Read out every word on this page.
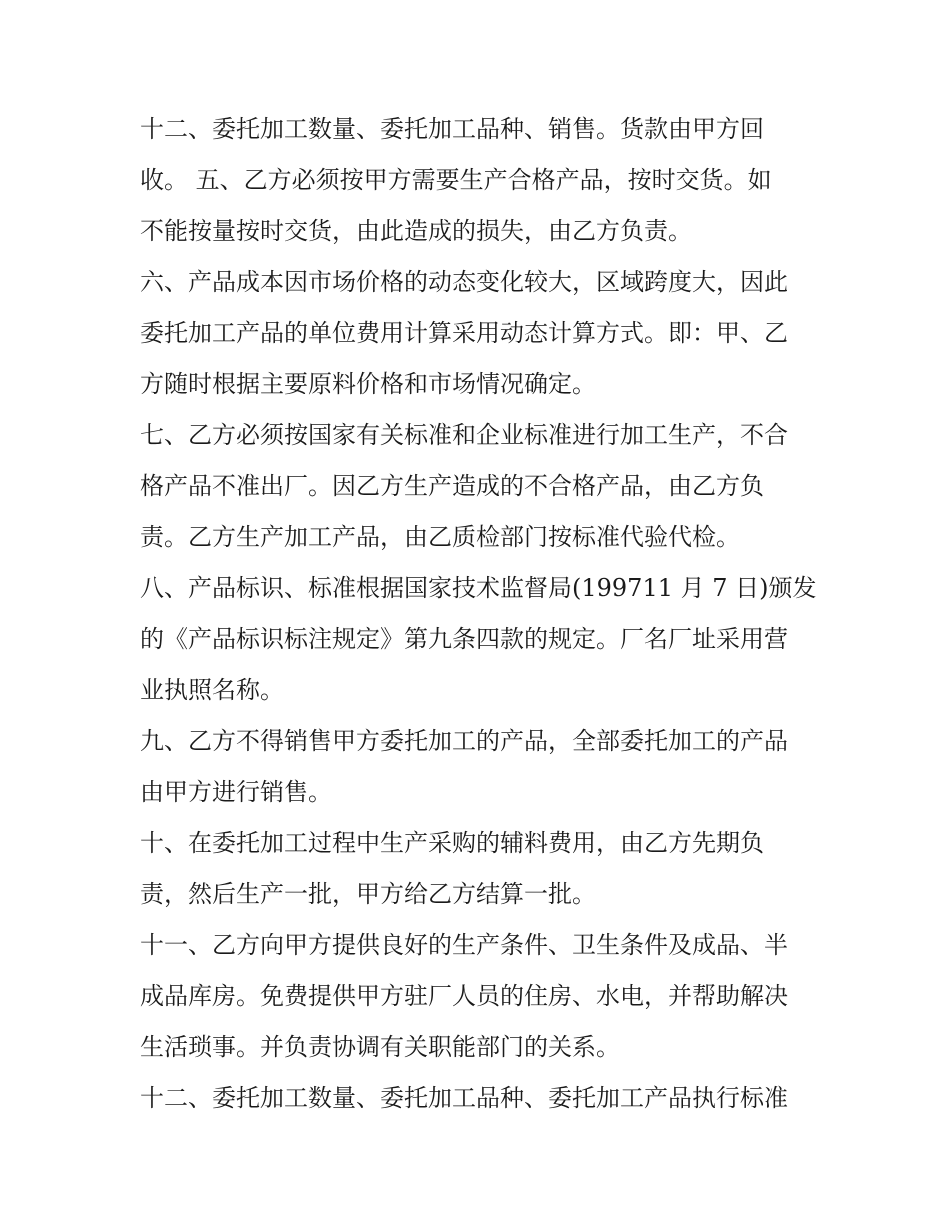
十二、委托加工数量、委托加工品种、销售。货款由甲方回
收。 五、乙方必须按甲方需要生产合格产品，按时交货。如
不能按量按时交货，由此造成的损失，由乙方负责。

六、产品成本因市场价格的动态变化较大，区域跨度大，因此
委托加工产品的单位费用计算采用动态计算方式。即：甲、乙
方随时根据主要原料价格和市场情况确定。

七、乙方必须按国家有关标准和企业标准进行加工生产，不合
格产品不准出厂。因乙方生产造成的不合格产品，由乙方负
责。乙方生产加工产品，由乙质检部门按标准代验代检。

八、产品标识、标准根据国家技术监督局(199711 月 7 日)颁发
的《产品标识标注规定》第九条四款的规定。厂名厂址采用营
业执照名称。

九、乙方不得销售甲方委托加工的产品，全部委托加工的产品
由甲方进行销售。

十、在委托加工过程中生产采购的辅料费用，由乙方先期负
责，然后生产一批，甲方给乙方结算一批。

十一、乙方向甲方提供良好的生产条件、卫生条件及成品、半
成品库房。免费提供甲方驻厂人员的住房、水电，并帮助解决
生活琐事。并负责协调有关职能部门的关系。

十二、委托加工数量、委托加工品种、委托加工产品执行标准
